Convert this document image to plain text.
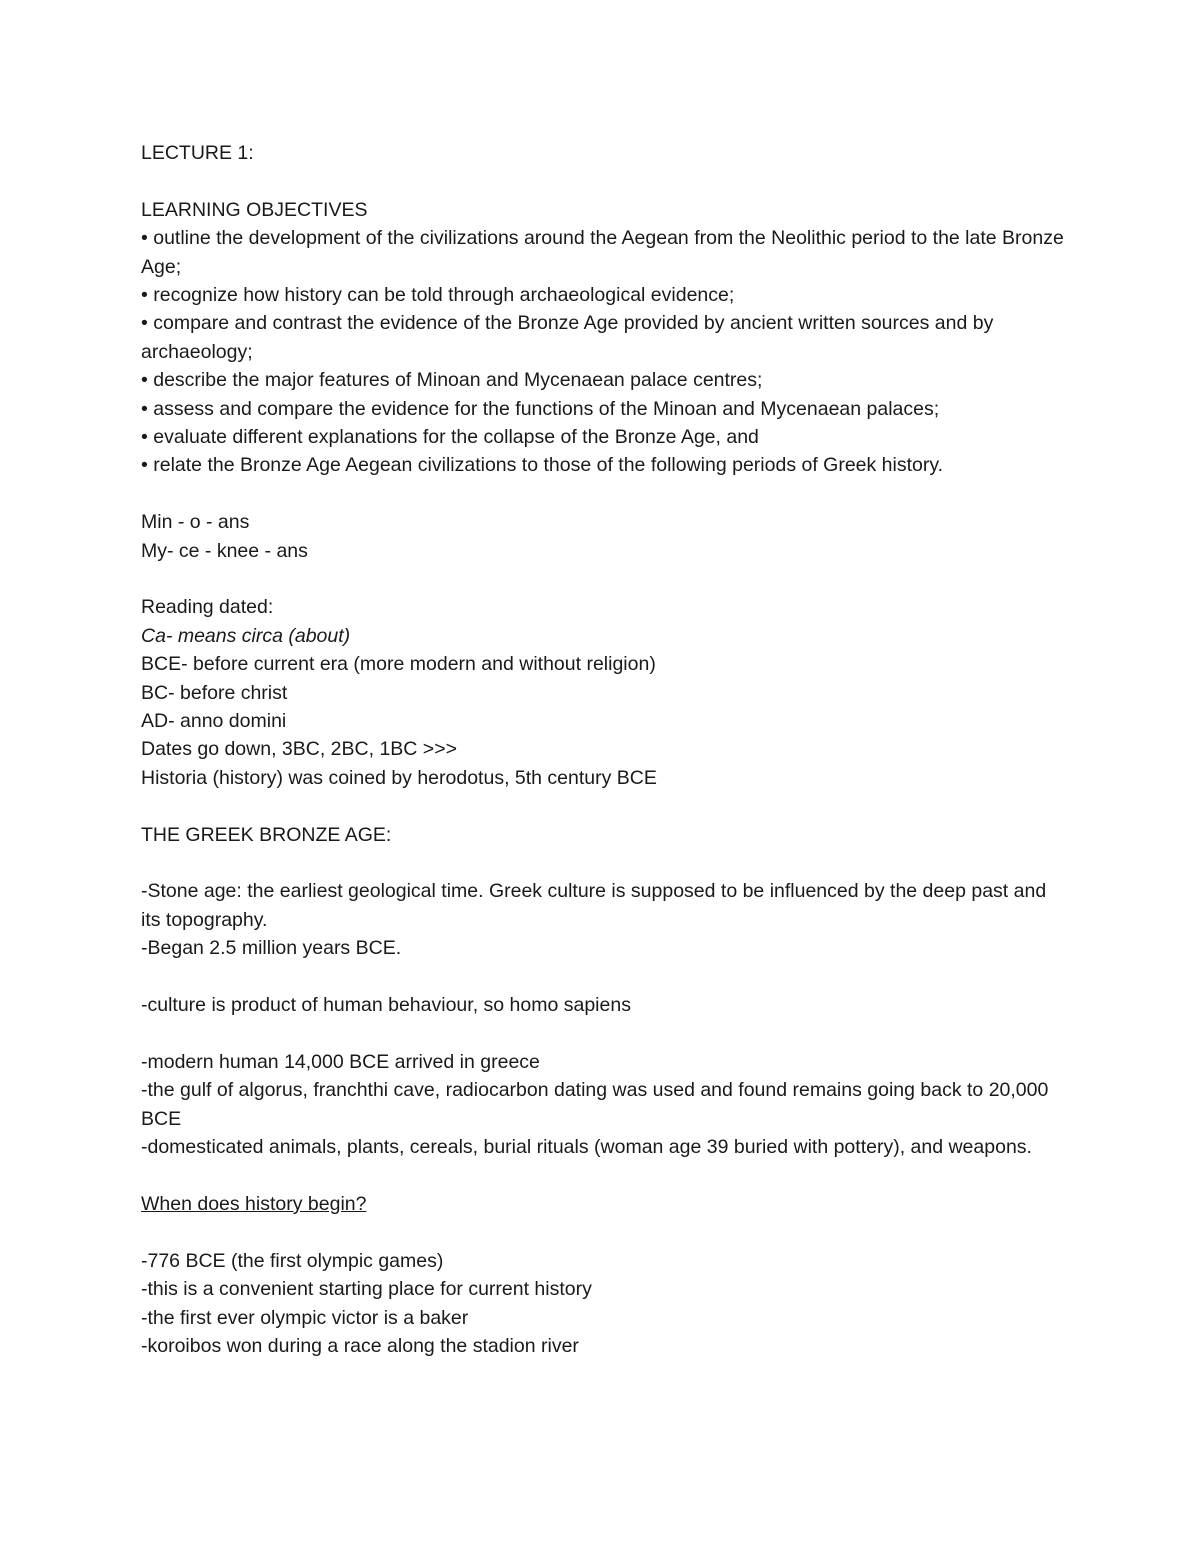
LECTURE 1:
LEARNING OBJECTIVES
• outline the development of the civilizations around the Aegean from the Neolithic period to the late Bronze Age;
• recognize how history can be told through archaeological evidence;
• compare and contrast the evidence of the Bronze Age provided by ancient written sources and by archaeology;
• describe the major features of Minoan and Mycenaean palace centres;
• assess and compare the evidence for the functions of the Minoan and Mycenaean palaces;
• evaluate different explanations for the collapse of the Bronze Age, and
• relate the Bronze Age Aegean civilizations to those of the following periods of Greek history.
Min - o - ans
My- ce - knee - ans
Reading dated:
Ca- means circa (about)
BCE- before current era (more modern and without religion)
BC- before christ
AD- anno domini
Dates go down, 3BC, 2BC, 1BC >>>
Historia (history) was coined by herodotus, 5th century BCE
THE GREEK BRONZE AGE:
-Stone age: the earliest geological time. Greek culture is supposed to be influenced by the deep past and its topography.
-Began 2.5 million years BCE.
-culture is product of human behaviour, so homo sapiens
-modern human 14,000 BCE arrived in greece
-the gulf of algorus, franchthi cave, radiocarbon dating was used and found remains going back to 20,000 BCE
-domesticated animals, plants, cereals, burial rituals (woman age 39 buried with pottery), and weapons.
When does history begin?
-776 BCE (the first olympic games)
-this is a convenient starting place for current history
-the first ever olympic victor is a baker
-koroibos won during a race along the stadion river
